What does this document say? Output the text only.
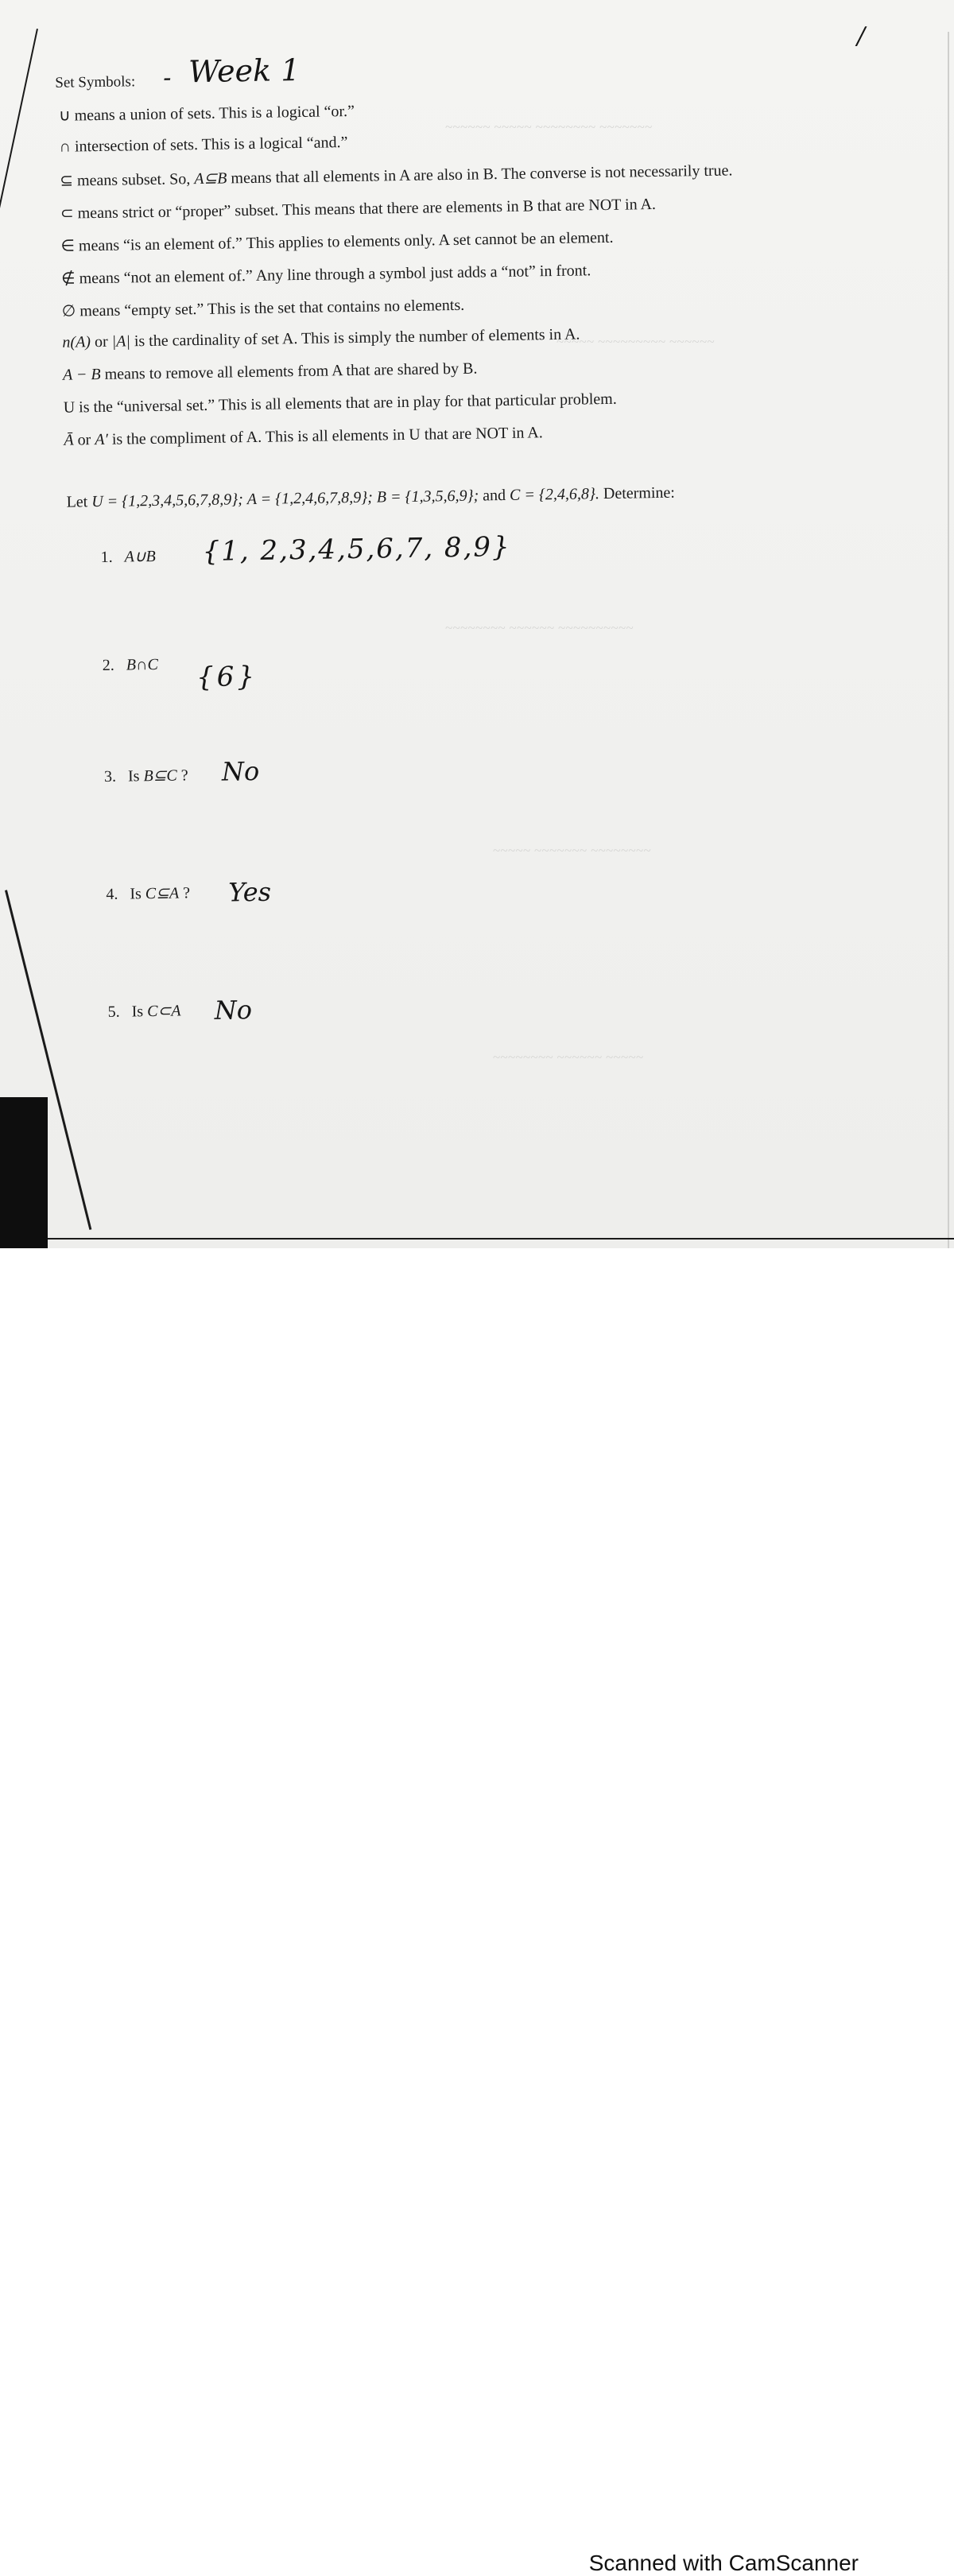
~~~~~~ ~~~~~ ~~~~~~~~ ~~~~~~~
~~~~~ ~~~~~~~~~ ~~~~~~
~~~~~~~~ ~~~~~~ ~~~~~~~~~~
~~~~~ ~~~~~~~ ~~~~~~~~
~~~~~~~~ ~~~~~~ ~~~~~
/
Set Symbols: - Week 1
∪ means a union of sets. This is a logical “or.”
∩ intersection of sets. This is a logical “and.”
⊆ means subset. So, A⊆B means that all elements in A are also in B. The converse is not necessarily true.
⊂ means strict or “proper” subset. This means that there are elements in B that are NOT in A.
∈ means “is an element of.” This applies to elements only. A set cannot be an element.
∉ means “not an element of.” Any line through a symbol just adds a “not” in front.
∅ means “empty set.” This is the set that contains no elements.
n(A) or |A| is the cardinality of set A. This is simply the number of elements in A.
A − B means to remove all elements from A that are shared by B.
U is the “universal set.” This is all elements that are in play for that particular problem.
Ā or A′ is the compliment of A. This is all elements in U that are NOT in A.
Let U = {1,2,3,4,5,6,7,8,9}; A = {1,2,4,6,7,8,9}; B = {1,3,5,6,9}; and C = {2,4,6,8}. Determine:
1. A∪B {1, 2,3,4,5,6,7, 8,9}
2. B∩C {6}
3. Is B⊆C ? No
4. Is C⊆A ? Yes
5. Is C⊂A No
Scanned with CamScanner
